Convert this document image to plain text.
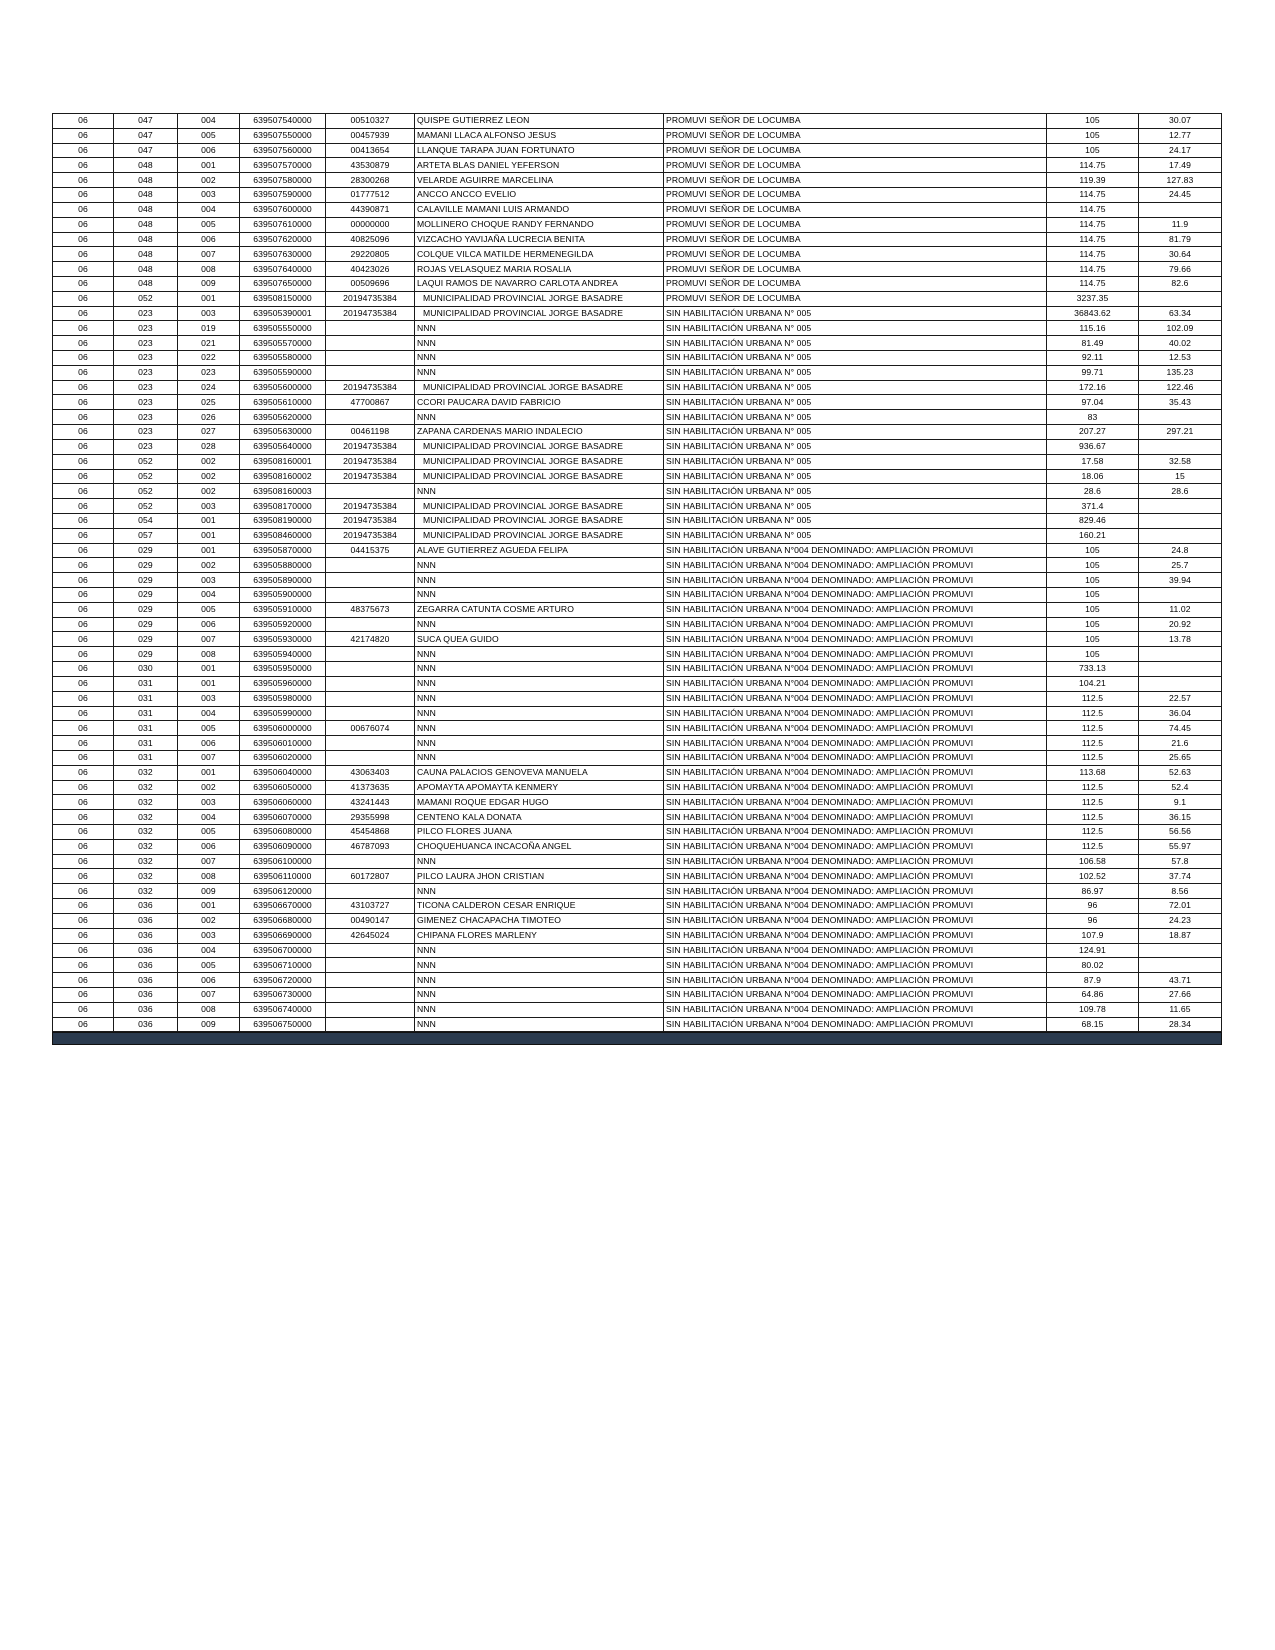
06	047	004	639507540000	00510327	QUISPE GUTIERREZ LEON	PROMUVI SEÑOR DE LOCUMBA	105	30.07
06	047	005	639507550000	00457939	MAMANI LLACA ALFONSO JESUS	PROMUVI SEÑOR DE LOCUMBA	105	12.77
06	047	006	639507560000	00413654	LLANQUE TARAPA JUAN FORTUNATO	PROMUVI SEÑOR DE LOCUMBA	105	24.17
06	048	001	639507570000	43530879	ARTETA BLAS DANIEL YEFERSON	PROMUVI SEÑOR DE LOCUMBA	114.75	17.49
06	048	002	639507580000	28300268	VELARDE AGUIRRE MARCELINA	PROMUVI SEÑOR DE LOCUMBA	119.39	127.83
06	048	003	639507590000	01777512	ANCCO ANCCO EVELIO	PROMUVI SEÑOR DE LOCUMBA	114.75	24.45
06	048	004	639507600000	44390871	CALAVILLE MAMANI LUIS ARMANDO	PROMUVI SEÑOR DE LOCUMBA	114.75	
06	048	005	639507610000	00000000	MOLLINERO CHOQUE RANDY FERNANDO	PROMUVI SEÑOR DE LOCUMBA	114.75	11.9
06	048	006	639507620000	40825096	VIZCACHO YAVIJAÑA LUCRECIA BENITA	PROMUVI SEÑOR DE LOCUMBA	114.75	81.79
06	048	007	639507630000	29220805	COLQUE VILCA MATILDE HERMENEGILDA	PROMUVI SEÑOR DE LOCUMBA	114.75	30.64
06	048	008	639507640000	40423026	ROJAS VELASQUEZ MARIA ROSALIA	PROMUVI SEÑOR DE LOCUMBA	114.75	79.66
06	048	009	639507650000	00509696	LAQUI RAMOS DE NAVARRO CARLOTA ANDREA	PROMUVI SEÑOR DE LOCUMBA	114.75	82.6
06	052	001	639508150000	20194735384	MUNICIPALIDAD PROVINCIAL JORGE BASADRE	PROMUVI SEÑOR DE LOCUMBA	3237.35	
06	023	003	639505390001	20194735384	MUNICIPALIDAD PROVINCIAL JORGE BASADRE	SIN HABILITACIÓN URBANA N° 005	36843.62	63.34
06	023	019	639505550000		NNN	SIN HABILITACIÓN URBANA N° 005	115.16	102.09
06	023	021	639505570000		NNN	SIN HABILITACIÓN URBANA N° 005	81.49	40.02
06	023	022	639505580000		NNN	SIN HABILITACIÓN URBANA N° 005	92.11	12.53
06	023	023	639505590000		NNN	SIN HABILITACIÓN URBANA N° 005	99.71	135.23
06	023	024	639505600000	20194735384	MUNICIPALIDAD PROVINCIAL JORGE BASADRE	SIN HABILITACIÓN URBANA N° 005	172.16	122.46
06	023	025	639505610000	47700867	CCORI PAUCARA DAVID FABRICIO	SIN HABILITACIÓN URBANA N° 005	97.04	35.43
06	023	026	639505620000		NNN	SIN HABILITACIÓN URBANA N° 005	83	
06	023	027	639505630000	00461198	ZAPANA CARDENAS MARIO INDALECIO	SIN HABILITACIÓN URBANA N° 005	207.27	297.21
06	023	028	639505640000	20194735384	MUNICIPALIDAD PROVINCIAL JORGE BASADRE	SIN HABILITACIÓN URBANA N° 005	936.67	
06	052	002	639508160001	20194735384	MUNICIPALIDAD PROVINCIAL JORGE BASADRE	SIN HABILITACIÓN URBANA N° 005	17.58	32.58
06	052	002	639508160002	20194735384	MUNICIPALIDAD PROVINCIAL JORGE BASADRE	SIN HABILITACIÓN URBANA N° 005	18.06	15
06	052	002	639508160003		NNN	SIN HABILITACIÓN URBANA N° 005	28.6	28.6
06	052	003	639508170000	20194735384	MUNICIPALIDAD PROVINCIAL JORGE BASADRE	SIN HABILITACIÓN URBANA N° 005	371.4	
06	054	001	639508190000	20194735384	MUNICIPALIDAD PROVINCIAL JORGE BASADRE	SIN HABILITACIÓN URBANA N° 005	829.46	
06	057	001	639508460000	20194735384	MUNICIPALIDAD PROVINCIAL JORGE BASADRE	SIN HABILITACIÓN URBANA N° 005	160.21	
06	029	001	639505870000	04415375	ALAVE GUTIERREZ AGUEDA FELIPA	SIN HABILITACIÓN URBANA N°004 DENOMINADO: AMPLIACIÓN PROMUVI	105	24.8
06	029	002	639505880000		NNN	SIN HABILITACIÓN URBANA N°004 DENOMINADO: AMPLIACIÓN PROMUVI	105	25.7
06	029	003	639505890000		NNN	SIN HABILITACIÓN URBANA N°004 DENOMINADO: AMPLIACIÓN PROMUVI	105	39.94
06	029	004	639505900000		NNN	SIN HABILITACIÓN URBANA N°004 DENOMINADO: AMPLIACIÓN PROMUVI	105	
06	029	005	639505910000	48375673	ZEGARRA CATUNTA COSME ARTURO	SIN HABILITACIÓN URBANA N°004 DENOMINADO: AMPLIACIÓN PROMUVI	105	11.02
06	029	006	639505920000		NNN	SIN HABILITACIÓN URBANA N°004 DENOMINADO: AMPLIACIÓN PROMUVI	105	20.92
06	029	007	639505930000	42174820	SUCA QUEA GUIDO	SIN HABILITACIÓN URBANA N°004 DENOMINADO: AMPLIACIÓN PROMUVI	105	13.78
06	029	008	639505940000		NNN	SIN HABILITACIÓN URBANA N°004 DENOMINADO: AMPLIACIÓN PROMUVI	105	
06	030	001	639505950000		NNN	SIN HABILITACIÓN URBANA N°004 DENOMINADO: AMPLIACIÓN PROMUVI	733.13	
06	031	001	639505960000		NNN	SIN HABILITACIÓN URBANA N°004 DENOMINADO: AMPLIACIÓN PROMUVI	104.21	
06	031	003	639505980000		NNN	SIN HABILITACIÓN URBANA N°004 DENOMINADO: AMPLIACIÓN PROMUVI	112.5	22.57
06	031	004	639505990000		NNN	SIN HABILITACIÓN URBANA N°004 DENOMINADO: AMPLIACIÓN PROMUVI	112.5	36.04
06	031	005	639506000000	00676074	NNN	SIN HABILITACIÓN URBANA N°004 DENOMINADO: AMPLIACIÓN PROMUVI	112.5	74.45
06	031	006	639506010000		NNN	SIN HABILITACIÓN URBANA N°004 DENOMINADO: AMPLIACIÓN PROMUVI	112.5	21.6
06	031	007	639506020000		NNN	SIN HABILITACIÓN URBANA N°004 DENOMINADO: AMPLIACIÓN PROMUVI	112.5	25.65
06	032	001	639506040000	43063403	CAUNA PALACIOS GENOVEVA MANUELA	SIN HABILITACIÓN URBANA N°004 DENOMINADO: AMPLIACIÓN PROMUVI	113.68	52.63
06	032	002	639506050000	41373635	APOMAYTA APOMAYTA KENMERY	SIN HABILITACIÓN URBANA N°004 DENOMINADO: AMPLIACIÓN PROMUVI	112.5	52.4
06	032	003	639506060000	43241443	MAMANI ROQUE EDGAR HUGO	SIN HABILITACIÓN URBANA N°004 DENOMINADO: AMPLIACIÓN PROMUVI	112.5	9.1
06	032	004	639506070000	29355998	CENTENO KALA DONATA	SIN HABILITACIÓN URBANA N°004 DENOMINADO: AMPLIACIÓN PROMUVI	112.5	36.15
06	032	005	639506080000	45454868	PILCO FLORES JUANA	SIN HABILITACIÓN URBANA N°004 DENOMINADO: AMPLIACIÓN PROMUVI	112.5	56.56
06	032	006	639506090000	46787093	CHOQUEHUANCA INCACOÑA ANGEL	SIN HABILITACIÓN URBANA N°004 DENOMINADO: AMPLIACIÓN PROMUVI	112.5	55.97
06	032	007	639506100000		NNN	SIN HABILITACIÓN URBANA N°004 DENOMINADO: AMPLIACIÓN PROMUVI	106.58	57.8
06	032	008	639506110000	60172807	PILCO LAURA JHON CRISTIAN	SIN HABILITACIÓN URBANA N°004 DENOMINADO: AMPLIACIÓN PROMUVI	102.52	37.74
06	032	009	639506120000		NNN	SIN HABILITACIÓN URBANA N°004 DENOMINADO: AMPLIACIÓN PROMUVI	86.97	8.56
06	036	001	639506670000	43103727	TICONA CALDERON CESAR ENRIQUE	SIN HABILITACIÓN URBANA N°004 DENOMINADO: AMPLIACIÓN PROMUVI	96	72.01
06	036	002	639506680000	00490147	GIMENEZ CHACAPACHA TIMOTEO	SIN HABILITACIÓN URBANA N°004 DENOMINADO: AMPLIACIÓN PROMUVI	96	24.23
06	036	003	639506690000	42645024	CHIPANA FLORES MARLENY	SIN HABILITACIÓN URBANA N°004 DENOMINADO: AMPLIACIÓN PROMUVI	107.9	18.87
06	036	004	639506700000		NNN	SIN HABILITACIÓN URBANA N°004 DENOMINADO: AMPLIACIÓN PROMUVI	124.91	
06	036	005	639506710000		NNN	SIN HABILITACIÓN URBANA N°004 DENOMINADO: AMPLIACIÓN PROMUVI	80.02	
06	036	006	639506720000		NNN	SIN HABILITACIÓN URBANA N°004 DENOMINADO: AMPLIACIÓN PROMUVI	87.9	43.71
06	036	007	639506730000		NNN	SIN HABILITACIÓN URBANA N°004 DENOMINADO: AMPLIACIÓN PROMUVI	64.86	27.66
06	036	008	639506740000		NNN	SIN HABILITACIÓN URBANA N°004 DENOMINADO: AMPLIACIÓN PROMUVI	109.78	11.65
06	036	009	639506750000		NNN	SIN HABILITACIÓN URBANA N°004 DENOMINADO: AMPLIACIÓN PROMUVI	68.15	28.34
